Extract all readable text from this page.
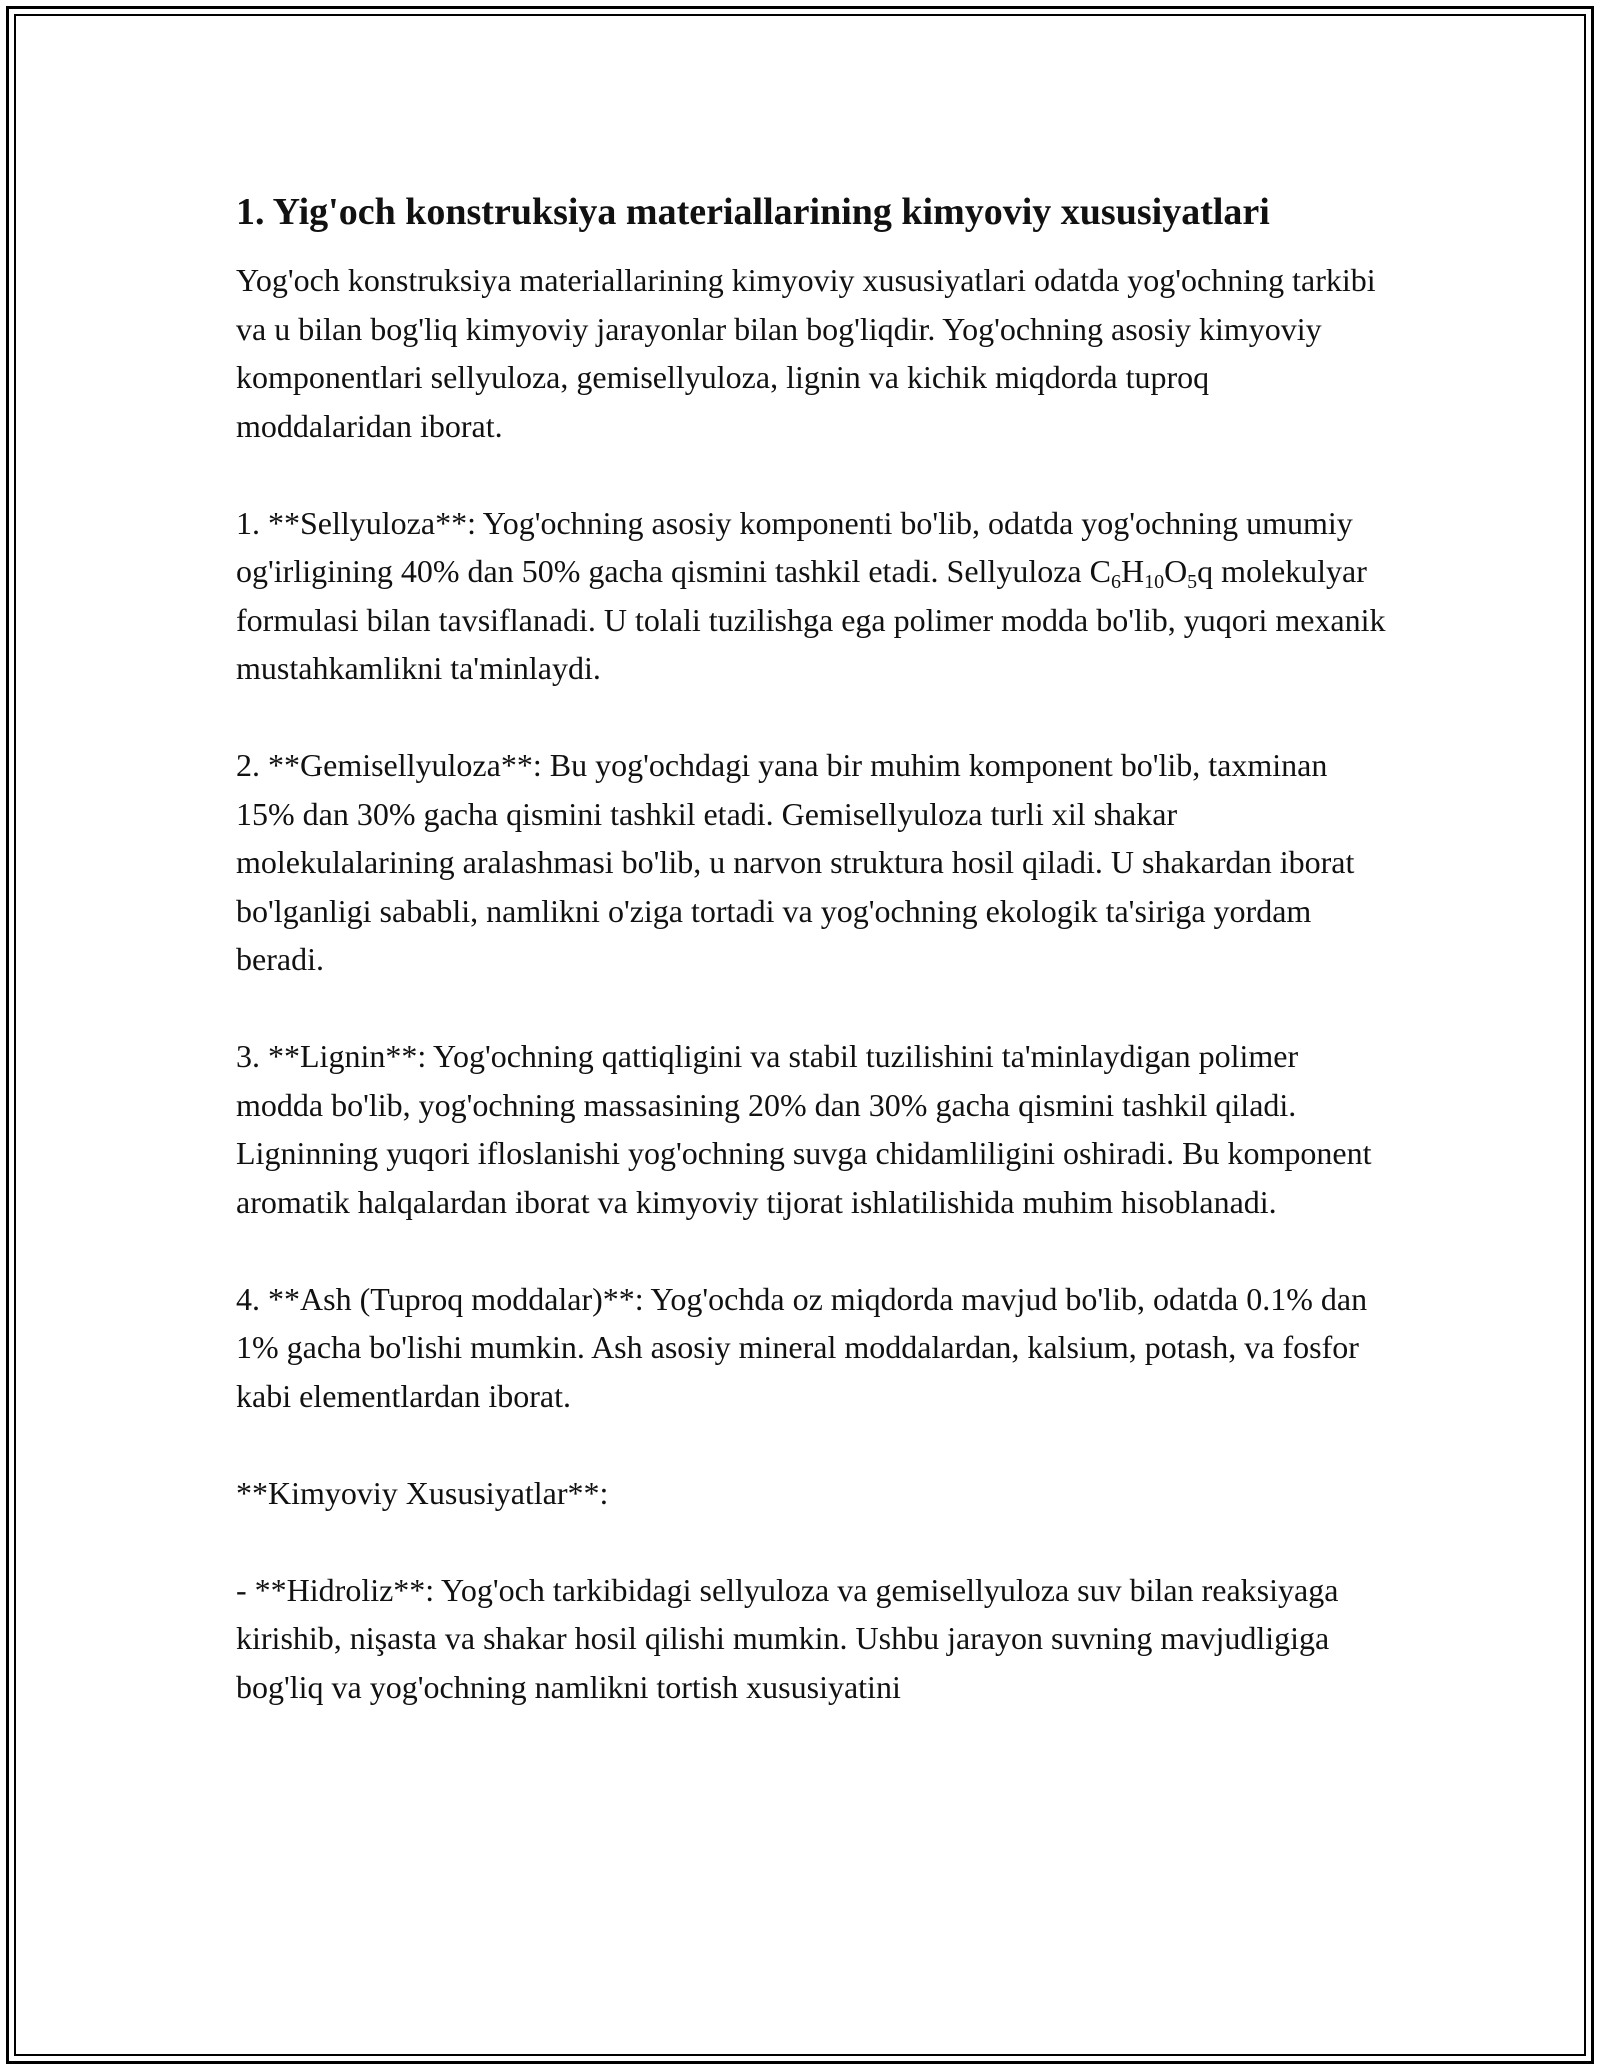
1. Yig'och konstruksiya materiallarining kimyoviy xususiyatlari

Yog'och konstruksiya materiallarining kimyoviy xususiyatlari odatda yog'ochning tarkibi va u bilan bog'liq kimyoviy jarayonlar bilan bog'liqdir. Yog'ochning asosiy kimyoviy komponentlari sellyuloza, gemisellyuloza, lignin va kichik miqdorda tuproq moddalaridan iborat.

1. **Sellyuloza**: Yog'ochning asosiy komponenti bo'lib, odatda yog'ochning umumiy og'irligining 40% dan 50% gacha qismini tashkil etadi. Sellyuloza $C_6H_{10}O_5q$ molekulyar formulasi bilan tavsiflanadi. U tolali tuzilishga ega polimer modda bo'lib, yuqori mexanik mustahkamlikni ta'minlaydi.

2. **Gemisellyuloza**: Bu yog'ochdagi yana bir muhim komponent bo'lib, taxminan 15% dan 30% gacha qismini tashkil etadi. Gemisellyuloza turli xil shakar molekulalarining aralashmasi bo'lib, u narvon struktura hosil qiladi. U shakardan iborat bo'lganligi sababli, namlikni o'ziga tortadi va yog'ochning ekologik ta'siriga yordam beradi.

3. **Lignin**: Yog'ochning qattiqligini va stabil tuzilishini ta'minlaydigan polimer modda bo'lib, yog'ochning massasining 20% dan 30% gacha qismini tashkil qiladi. Ligninning yuqori ifloslanishi yog'ochning suvga chidamliligini oshiradi. Bu komponent aromatik halqalardan iborat va kimyoviy tijorat ishlatilishida muhim hisoblanadi.

4. **Ash (Tuproq moddalar)**: Yog'ochda oz miqdorda mavjud bo'lib, odatda 0.1% dan 1% gacha bo'lishi mumkin. Ash asosiy mineral moddalardan, kalsium, potash, va fosfor kabi elementlardan iborat.

**Kimyoviy Xususiyatlar**:

- **Hidroliz**: Yog'och tarkibidagi sellyuloza va gemisellyuloza suv bilan reaksiyaga kirishib, nişasta va shakar hosil qilishi mumkin. Ushbu jarayon suvning mavjudligiga bog'liq va yog'ochning namlikni tortish xususiyatini
